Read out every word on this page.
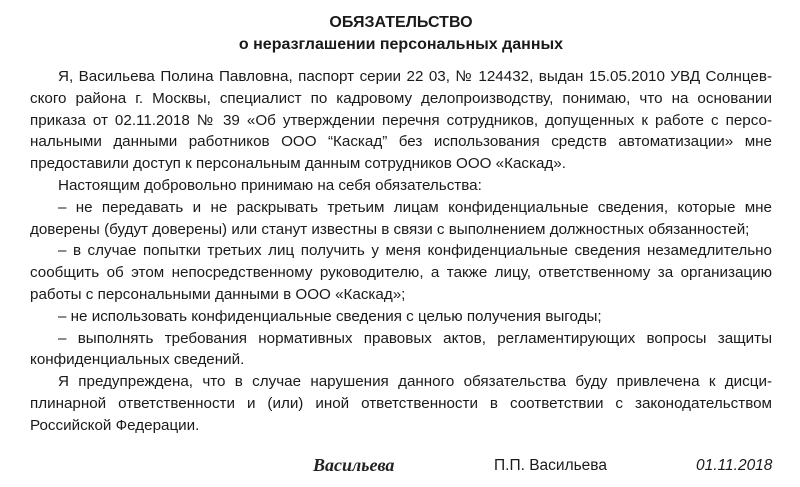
ОБЯЗАТЕЛЬСТВО
о неразглашении персональных данных

Я, Васильева Полина Павловна, паспорт серии 22 03, № 124432, выдан 15.05.2010 УВД Солнцевского района г. Москвы, специалист по кадровому делопроизводству, понимаю, что на основании приказа от 02.11.2018 № 39 «Об утверждении перечня сотрудников, допущенных к работе с персональными данными работников ООО “Каскад” без использования средств автоматизации» мне предоставили доступ к персональным данным сотрудников ООО «Каскад».

Настоящим добровольно принимаю на себя обязательства:

– не передавать и не раскрывать третьим лицам конфиденциальные сведения, которые мне доверены (будут доверены) или станут известны в связи с выполнением должностных обязанностей;

– в случае попытки третьих лиц получить у меня конфиденциальные сведения незамедлительно сообщить об этом непосредственному руководителю, а также лицу, ответственному за организацию работы с персональными данными в ООО «Каскад»;

– не использовать конфиденциальные сведения с целью получения выгоды;

– выполнять требования нормативных правовых актов, регламентирующих вопросы защиты конфиденциальных сведений.

Я предупреждена, что в случае нарушения данного обязательства буду привлечена к дисциплинарной ответственности и (или) иной ответственности в соответствии с законодательством Российской Федерации.

Васильева	П.П. Васильева	01.11.2018
